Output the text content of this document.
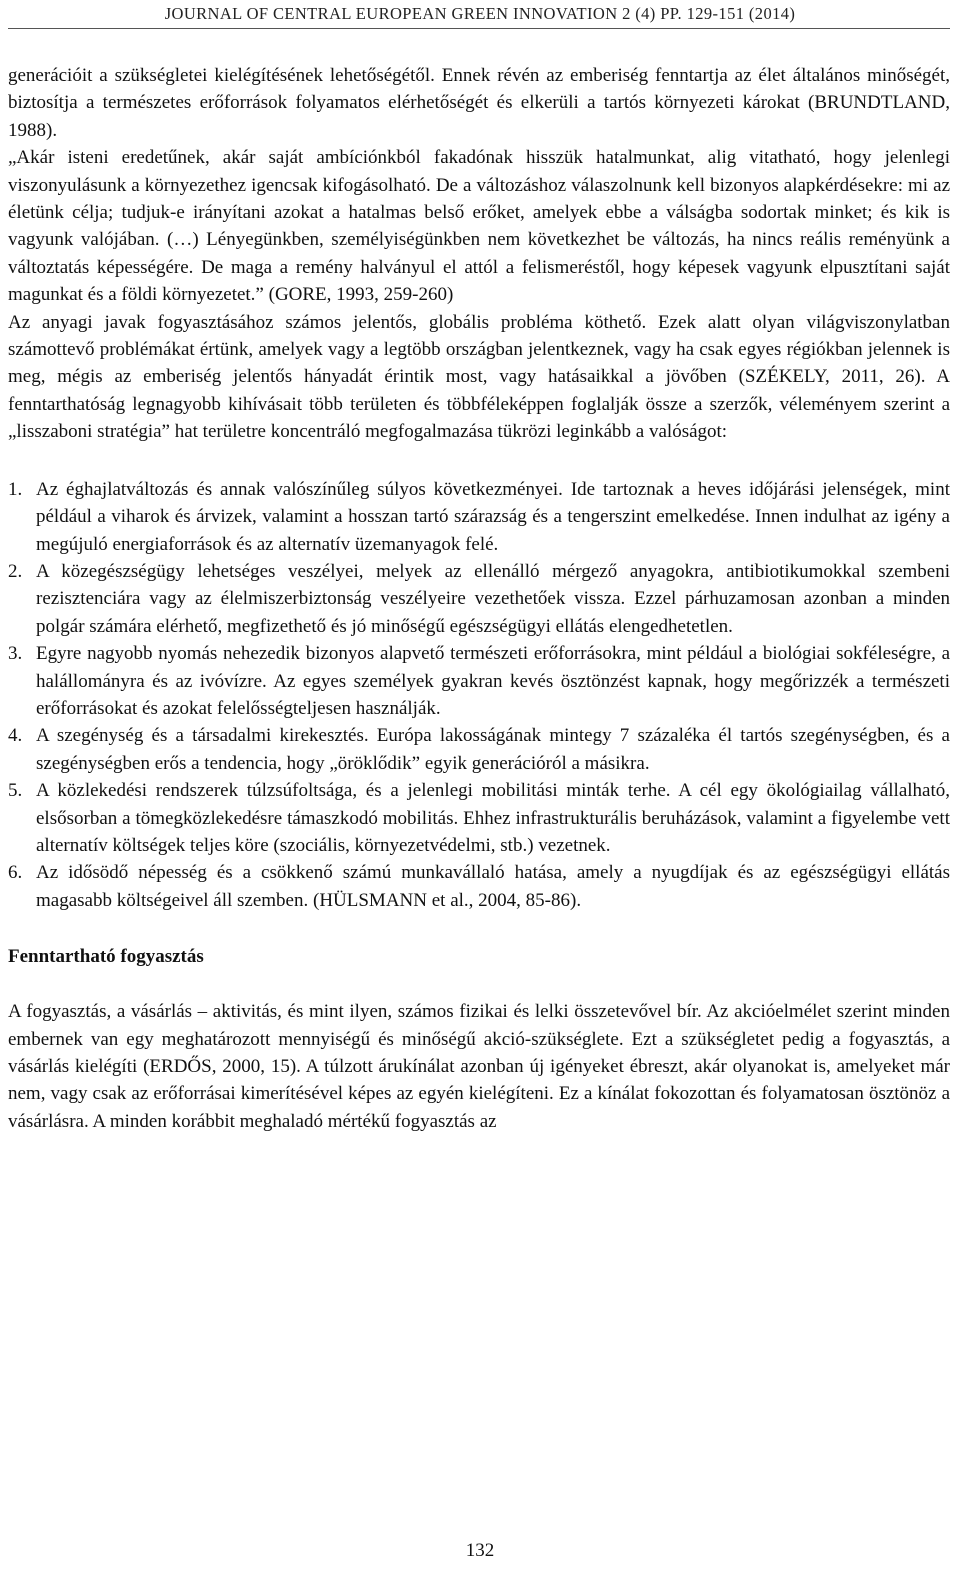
JOURNAL OF CENTRAL EUROPEAN GREEN INNOVATION 2 (4) PP. 129-151 (2014)

generációit a szükségletei kielégítésének lehetőségétől. Ennek révén az emberiség fenntartja az élet általános minőségét, biztosítja a természetes erőforrások folyamatos elérhetőségét és elkerüli a tartós környezeti károkat (BRUNDTLAND, 1988).

„Akár isteni eredetűnek, akár saját ambíciónkból fakadónak hisszük hatalmunkat, alig vitatható, hogy jelenlegi viszonyulásunk a környezethez igencsak kifogásolható. De a változáshoz válaszolnunk kell bizonyos alapkérdésekre: mi az életünk célja; tudjuk-e irányítani azokat a hatalmas belső erőket, amelyek ebbe a válságba sodortak minket; és kik is vagyunk valójában. (…) Lényegünkben, személyiségünkben nem következhet be változás, ha nincs reális reményünk a változtatás képességére. De maga a remény halványul el attól a felismeréstől, hogy képesek vagyunk elpusztítani saját magunkat és a földi környezetet.” (GORE, 1993, 259-260)

Az anyagi javak fogyasztásához számos jelentős, globális probléma köthető. Ezek alatt olyan világviszonylatban számottevő problémákat értünk, amelyek vagy a legtöbb országban jelentkeznek, vagy ha csak egyes régiókban jelennek is meg, mégis az emberiség jelentős hányadát érintik most, vagy hatásaikkal a jövőben (SZÉKELY, 2011, 26). A fenntarthatóság legnagyobb kihívásait több területen és többféleképpen foglalják össze a szerzők, véleményem szerint a „lisszaboni stratégia” hat területre koncentráló megfogalmazása tükrözi leginkább a valóságot:

1. Az éghajlatváltozás és annak valószínűleg súlyos következményei. Ide tartoznak a heves időjárási jelenségek, mint például a viharok és árvizek, valamint a hosszan tartó szárazság és a tengerszint emelkedése. Innen indulhat az igény a megújuló energiaforrások és az alternatív üzemanyagok felé.
2. A közegészségügy lehetséges veszélyei, melyek az ellenálló mérgező anyagokra, antibiotikumokkal szembeni rezisztenciára vagy az élelmiszerbiztonság veszélyeire vezethetőek vissza. Ezzel párhuzamosan azonban a minden polgár számára elérhető, megfizethető és jó minőségű egészségügyi ellátás elengedhetetlen.
3. Egyre nagyobb nyomás nehezedik bizonyos alapvető természeti erőforrásokra, mint például a biológiai sokféleségre, a halállományra és az ivóvízre. Az egyes személyek gyakran kevés ösztönzést kapnak, hogy megőrizzék a természeti erőforrásokat és azokat felelősségteljesen használják.
4. A szegénység és a társadalmi kirekesztés. Európa lakosságának mintegy 7 százaléka él tartós szegénységben, és a szegénységben erős a tendencia, hogy „öröklődik” egyik generációról a másikra.
5. A közlekedési rendszerek túlzsúfoltsága, és a jelenlegi mobilitási minták terhe. A cél egy ökológiailag vállalható, elsősorban a tömegközlekedésre támaszkodó mobilitás. Ehhez infrastrukturális beruházások, valamint a figyelembe vett alternatív költségek teljes köre (szociális, környezetvédelmi, stb.) vezetnek.
6. Az idősödő népesség és a csökkenő számú munkavállaló hatása, amely a nyugdíjak és az egészségügyi ellátás magasabb költségeivel áll szemben. (HÜLSMANN et al., 2004, 85-86).
Fenntartható fogyasztás

A fogyasztás, a vásárlás – aktivitás, és mint ilyen, számos fizikai és lelki összetevővel bír. Az akcióelmélet szerint minden embernek van egy meghatározott mennyiségű és minőségű akció-szükséglete. Ezt a szükségletet pedig a fogyasztás, a vásárlás kielégíti (ERDŐS, 2000, 15). A túlzott árukínálat azonban új igényeket ébreszt, akár olyanokat is, amelyeket már nem, vagy csak az erőforrásai kimerítésével képes az egyén kielégíteni. Ez a kínálat fokozottan és folyamatosan ösztönöz a vásárlásra. A minden korábbit meghaladó mértékű fogyasztás az

132
